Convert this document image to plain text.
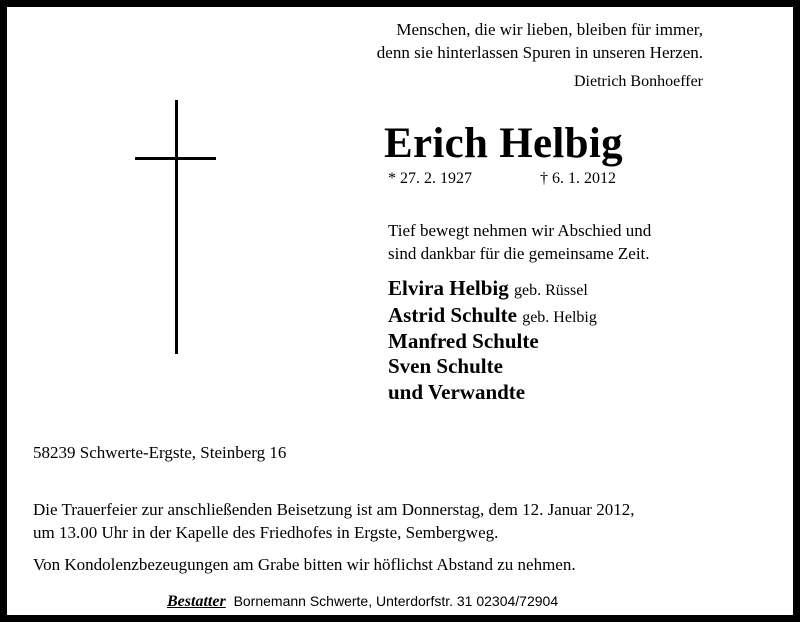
Menschen, die wir lieben, bleiben für immer,
denn sie hinterlassen Spuren in unseren Herzen.
Dietrich Bonhoeffer
Erich Helbig
* 27. 2. 1927	† 6. 1. 2012
Tief bewegt nehmen wir Abschied und
sind dankbar für die gemeinsame Zeit.
Elvira Helbig geb. Rüssel
Astrid Schulte geb. Helbig
Manfred Schulte
Sven Schulte
und Verwandte
58239 Schwerte-Ergste, Steinberg 16
Die Trauerfeier zur anschließenden Beisetzung ist am Donnerstag, dem 12. Januar 2012,
um 13.00 Uhr in der Kapelle des Friedhofes in Ergste, Sembergweg.
Von Kondolenzbezeugungen am Grabe bitten wir höflichst Abstand zu nehmen.
Bestatter Bornemann Schwerte, Unterdorfstr. 31 02304/72904
